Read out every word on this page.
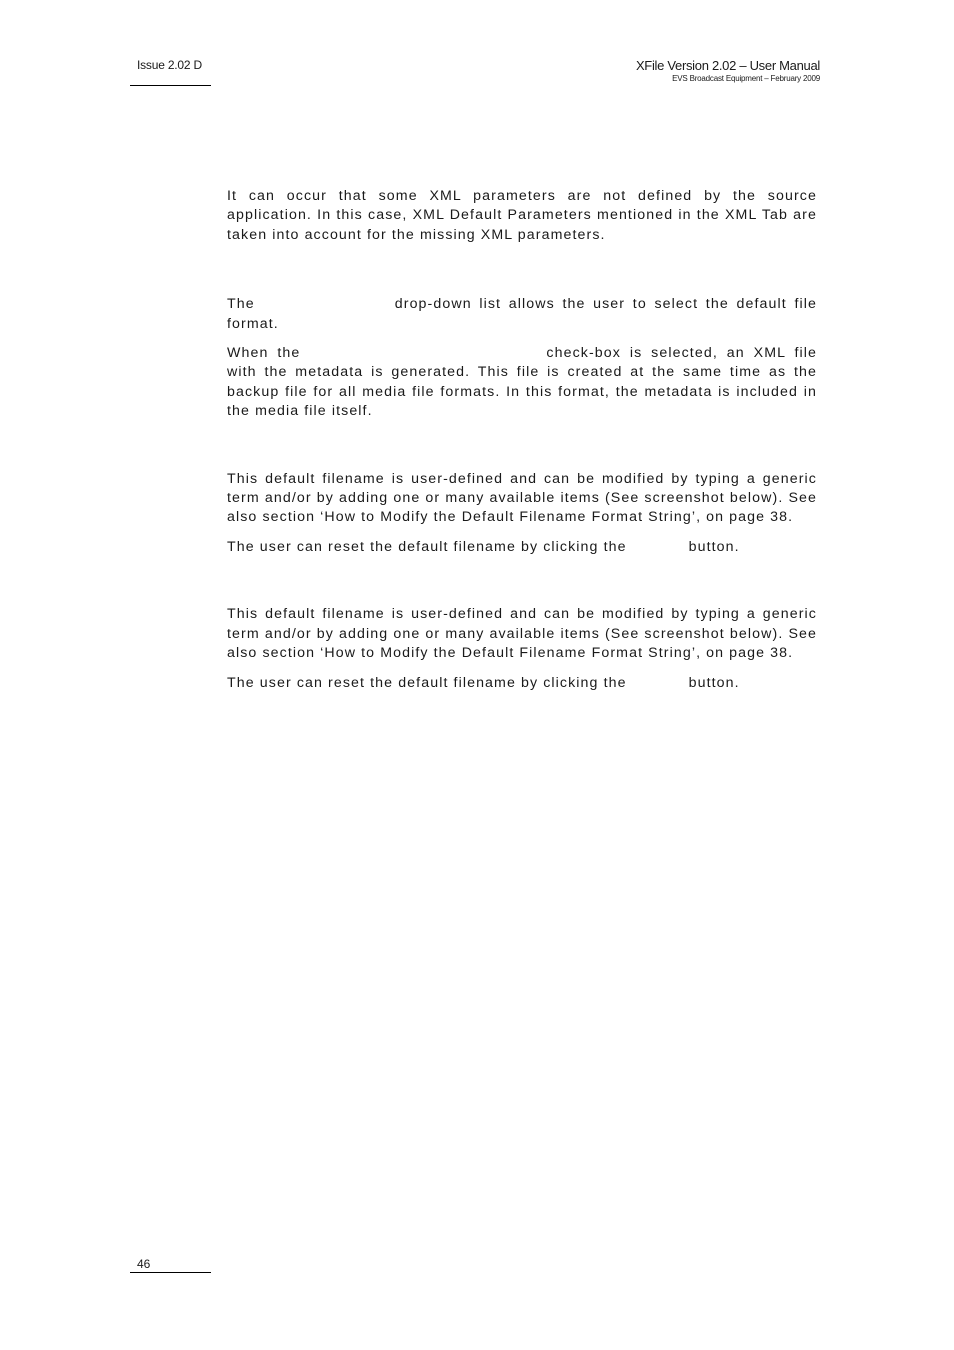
Issue 2.02 D	XFile Version 2.02 – User Manual
EVS Broadcast Equipment – February 2009

It can occur that some XML parameters are not defined by the source application. In this case, XML Default Parameters mentioned in the XML Tab are taken into account for the missing XML parameters.

The	drop-down list allows the user to select the default file format.

When the	check-box is selected, an XML file with the metadata is generated. This file is created at the same time as the backup file for all media file formats. In this format, the metadata is included in the media file itself.

This default filename is user-defined and can be modified by typing a generic term and/or by adding one or many available items (See screenshot below). See also section ‘How to Modify the Default Filename Format String’, on page 38.

The user can reset the default filename by clicking the	button.

This default filename is user-defined and can be modified by typing a generic term and/or by adding one or many available items (See screenshot below). See also section ‘How to Modify the Default Filename Format String’, on page 38.

The user can reset the default filename by clicking the	button.

46
